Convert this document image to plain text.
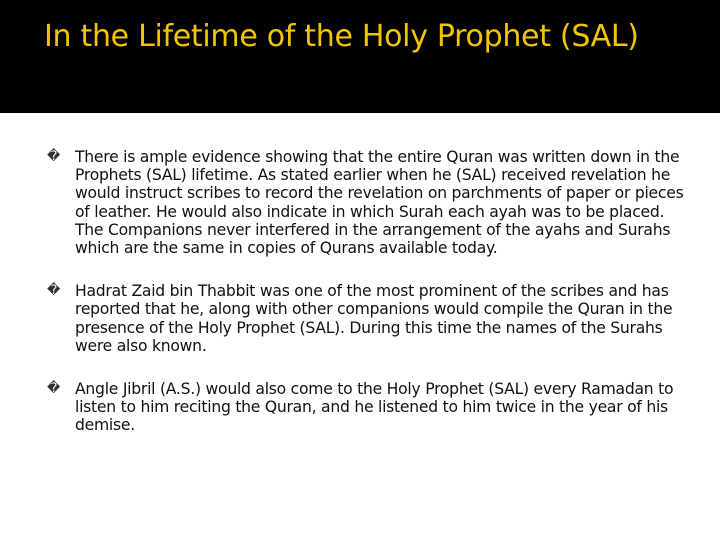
In the Lifetime of the Holy Prophet (SAL)
� There is ample evidence showing that the entire Quran was written down in the Prophets (SAL) lifetime. As stated earlier when he (SAL) received revelation he would instruct scribes to record the revelation on parchments of paper or pieces of leather. He would also indicate in which Surah each ayah was to be placed. The Companions never interfered in the arrangement of the ayahs and Surahs which are the same in copies of Qurans available today.
� Hadrat Zaid bin Thabbit was one of the most prominent of the scribes and has reported that he, along with other companions would compile the Quran in the presence of the Holy Prophet (SAL). During this time the names of the Surahs were also known.
� Angle Jibril (A.S.) would also come to the Holy Prophet (SAL) every Ramadan to listen to him reciting the Quran, and he listened to him twice in the year of his demise.
